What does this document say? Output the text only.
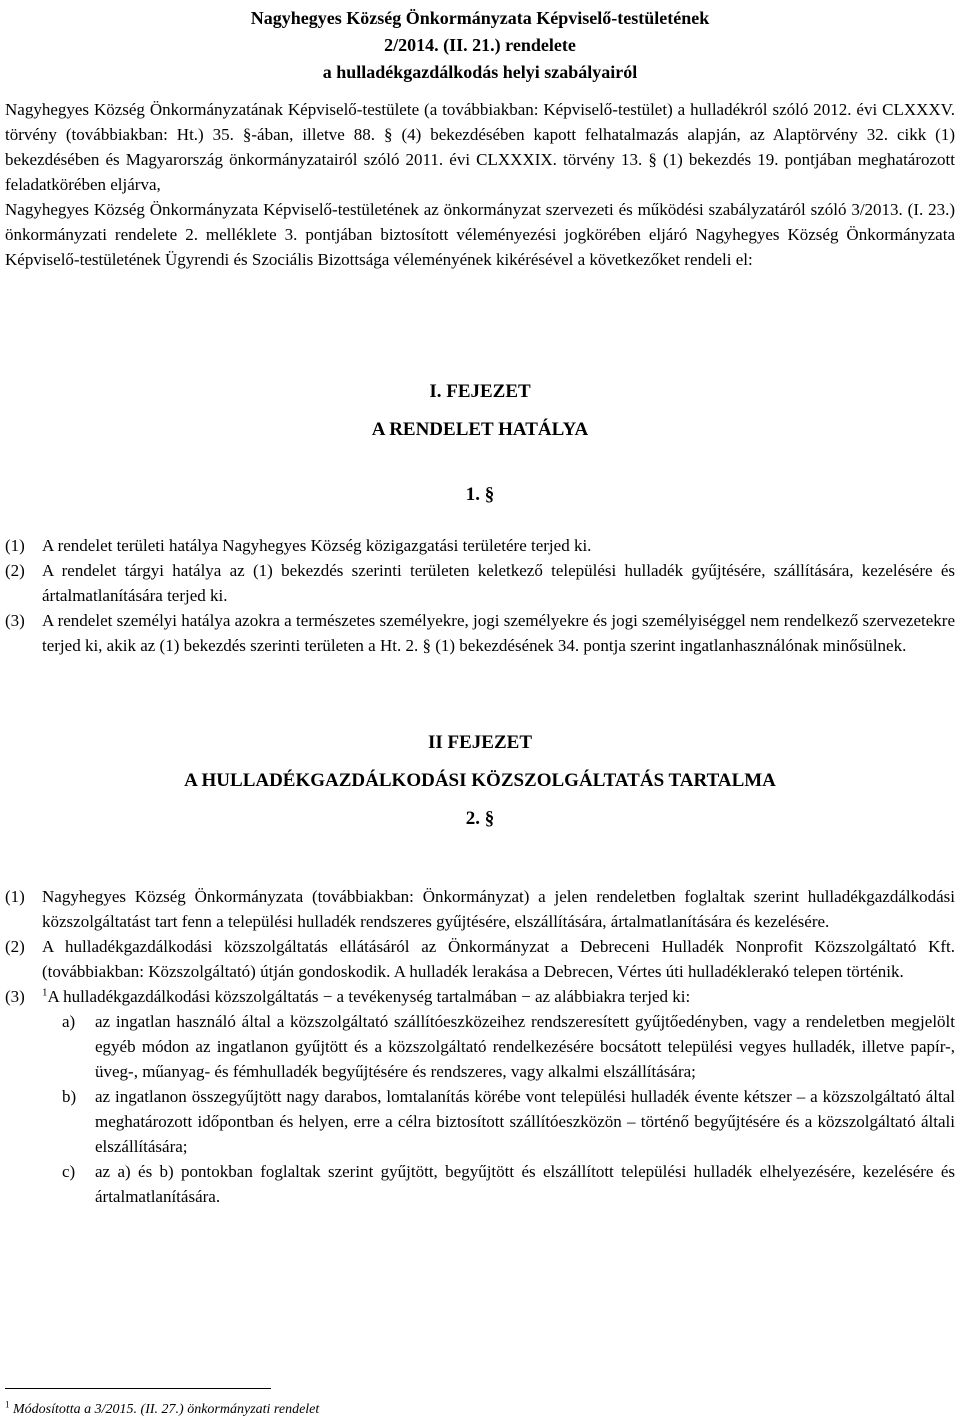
Nagyhegyes Község Önkormányzata Képviselő-testületének
2/2014. (II. 21.) rendelete
a hulladékgazdálkodás helyi szabályairól
Nagyhegyes Község Önkormányzatának Képviselő-testülete (a továbbiakban: Képviselő-testület) a hulladékról szóló 2012. évi CLXXXV. törvény (továbbiakban: Ht.) 35. §-ában, illetve 88. § (4) bekezdésében kapott felhatalmazás alapján, az Alaptörvény 32. cikk (1) bekezdésében és Magyarország önkormányzatairól szóló 2011. évi CLXXXIX. törvény 13. § (1) bekezdés 19. pontjában meghatározott feladatkörében eljárva,
Nagyhegyes Község Önkormányzata Képviselő-testületének az önkormányzat szervezeti és működési szabályzatáról szóló 3/2013. (I. 23.) önkormányzati rendelete 2. melléklete 3. pontjában biztosított véleményezési jogkörében eljáró Nagyhegyes Község Önkormányzata Képviselő-testületének Ügyrendi és Szociális Bizottsága véleményének kikérésével a következőket rendeli el:
I. FEJEZET
A RENDELET HATÁLYA
1. §
(1) A rendelet területi hatálya Nagyhegyes Község közigazgatási területére terjed ki.
(2) A rendelet tárgyi hatálya az (1) bekezdés szerinti területen keletkező települési hulladék gyűjtésére, szállítására, kezelésére és ártalmatlanítására terjed ki.
(3) A rendelet személyi hatálya azokra a természetes személyekre, jogi személyekre és jogi személyiséggel nem rendelkező szervezetekre terjed ki, akik az (1) bekezdés szerinti területen a Ht. 2. § (1) bekezdésének 34. pontja szerint ingatlanhasználónak minősülnek.
II FEJEZET
A HULLADÉKGAZDÁLKODÁSI KÖZSZOLGÁLTATÁS TARTALMA
2. §
(1) Nagyhegyes Község Önkormányzata (továbbiakban: Önkormányzat) a jelen rendeletben foglaltak szerint hulladékgazdálkodási közszolgáltatást tart fenn a települési hulladék rendszeres gyűjtésére, elszállítására, ártalmatlanítására és kezelésére.
(2) A hulladékgazdálkodási közszolgáltatás ellátásáról az Önkormányzat a Debreceni Hulladék Nonprofit Közszolgáltató Kft. (továbbiakban: Közszolgáltató) útján gondoskodik. A hulladék lerakása a Debrecen, Vértes úti hulladéklerakó telepen történik.
(3) $^1$A hulladékgazdálkodási közszolgáltatás − a tevékenység tartalmában − az alábbiakra terjed ki:
a) az ingatlan használó által a közszolgáltató szállítóeszközeihez rendszeresített gyűjtőedényben, vagy a rendeletben megjelölt egyéb módon az ingatlanon gyűjtött és a közszolgáltató rendelkezésére bocsátott települési vegyes hulladék, illetve papír-, üveg-, műanyag- és fémhulladék begyűjtésére és rendszeres, vagy alkalmi elszállítására;
b) az ingatlanon összegyűjtött nagy darabos, lomtalanítás körébe vont települési hulladék évente kétszer – a közszolgáltató által meghatározott időpontban és helyen, erre a célra biztosított szállítóeszközön – történő begyűjtésére és a közszolgáltató általi elszállítására;
c) az a) és b) pontokban foglaltak szerint gyűjtött, begyűjtött és elszállított települési hulladék elhelyezésére, kezelésére és ártalmatlanítására.
$^1$ Módosította a 3/2015. (II. 27.) önkormányzati rendelet
